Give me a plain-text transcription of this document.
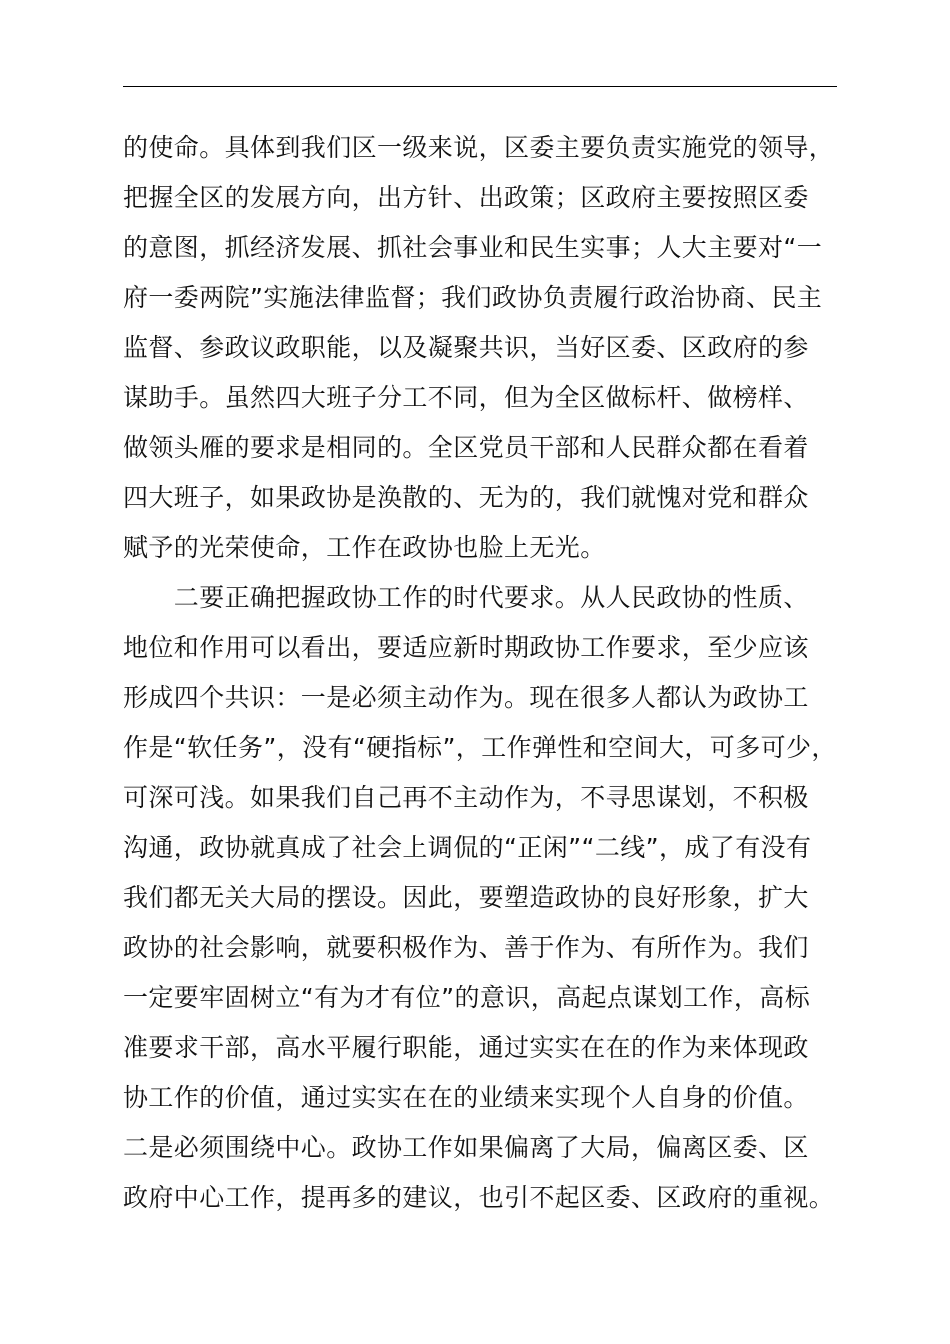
的使命。具体到我们区一级来说，区委主要负责实施党的领导，
把握全区的发展方向，出方针、出政策；区政府主要按照区委
的意图，抓经济发展、抓社会事业和民生实事；人大主要对“一
府一委两院”实施法律监督；我们政协负责履行政治协商、民主
监督、参政议政职能，以及凝聚共识，当好区委、区政府的参
谋助手。虽然四大班子分工不同，但为全区做标杆、做榜样、
做领头雁的要求是相同的。全区党员干部和人民群众都在看着
四大班子，如果政协是涣散的、无为的，我们就愧对党和群众
赋予的光荣使命，工作在政协也脸上无光。
　　二要正确把握政协工作的时代要求。从人民政协的性质、
地位和作用可以看出，要适应新时期政协工作要求，至少应该
形成四个共识：一是必须主动作为。现在很多人都认为政协工
作是“软任务”，没有“硬指标”，工作弹性和空间大，可多可少，
可深可浅。如果我们自己再不主动作为，不寻思谋划，不积极
沟通，政协就真成了社会上调侃的“正闲”“二线”，成了有没有
我们都无关大局的摆设。因此，要塑造政协的良好形象，扩大
政协的社会影响，就要积极作为、善于作为、有所作为。我们
一定要牢固树立“有为才有位”的意识，高起点谋划工作，高标
准要求干部，高水平履行职能，通过实实在在的作为来体现政
协工作的价值，通过实实在在的业绩来实现个人自身的价值。
二是必须围绕中心。政协工作如果偏离了大局，偏离区委、区
政府中心工作，提再多的建议，也引不起区委、区政府的重视。
